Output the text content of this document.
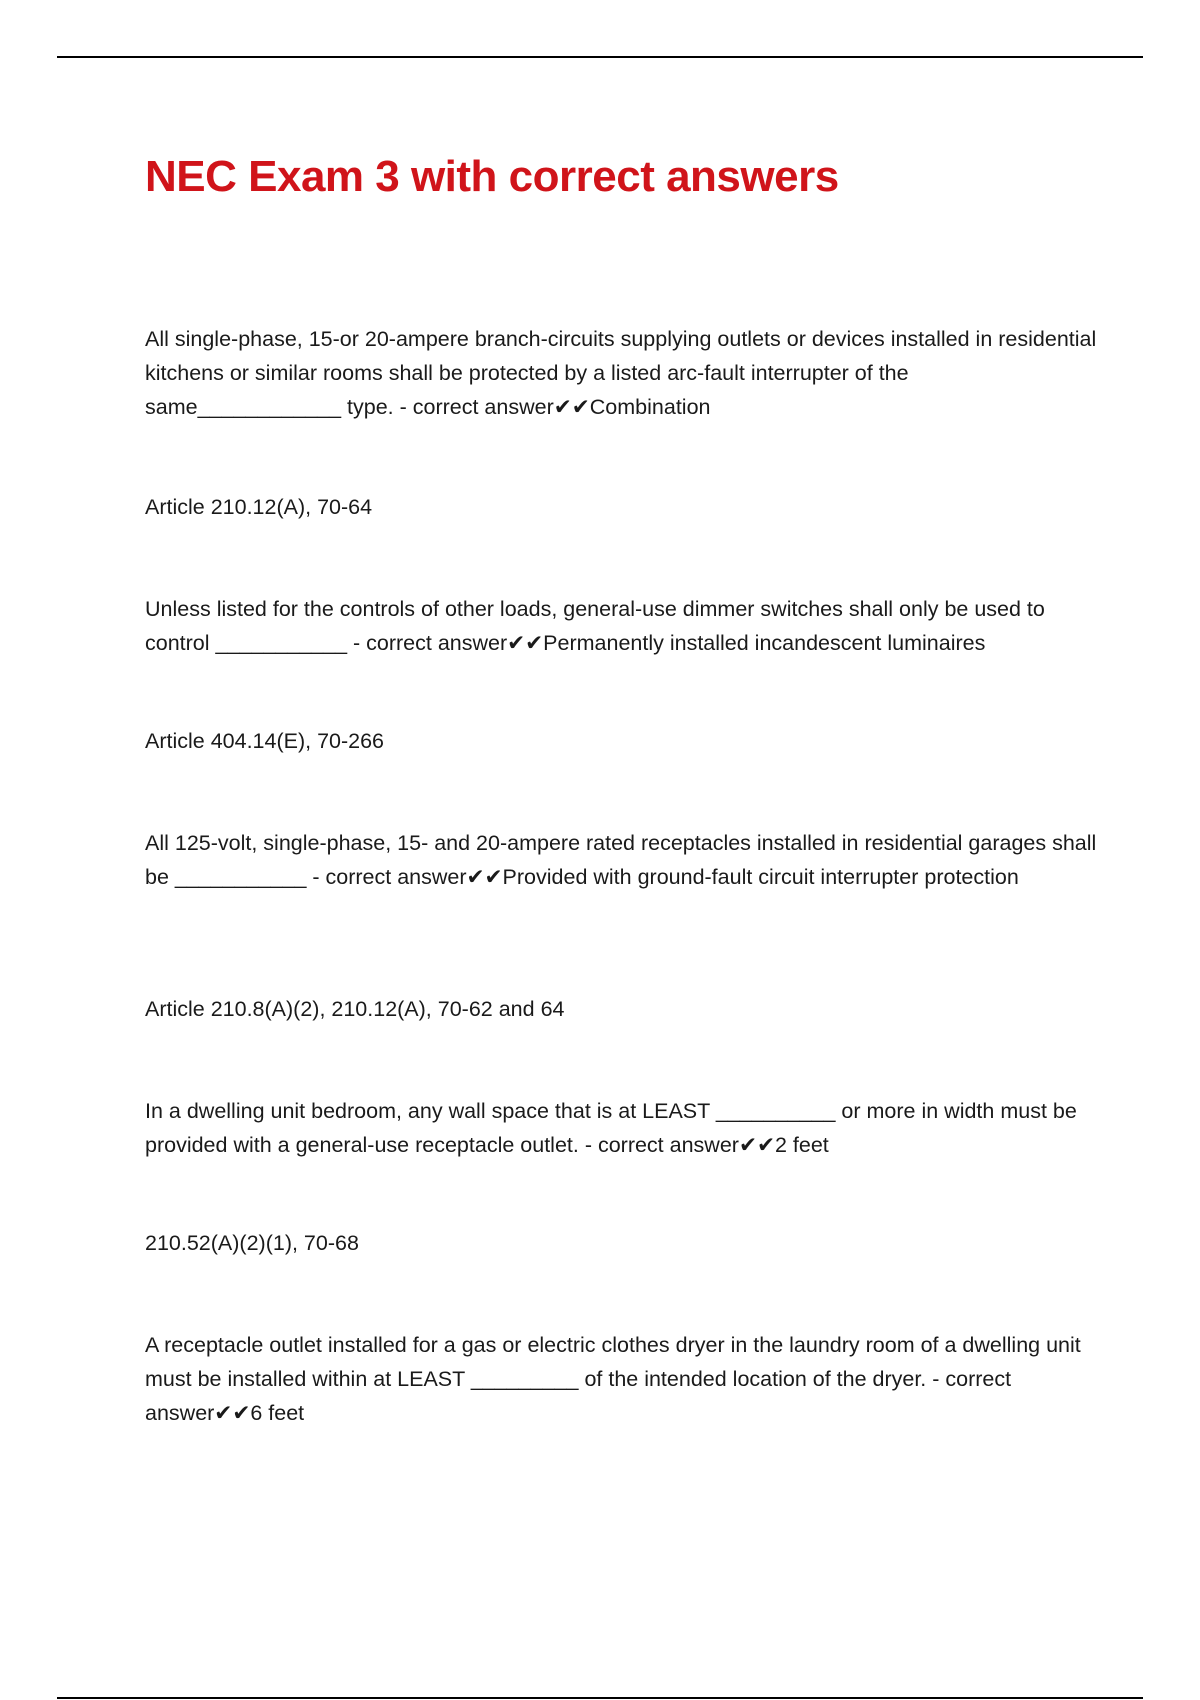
NEC Exam 3 with correct answers

All single-phase, 15-or 20-ampere branch-circuits supplying outlets or devices installed in residential kitchens or similar rooms shall be protected by a listed arc-fault interrupter of the same____________ type. - correct answer✔✔Combination

Article 210.12(A), 70-64

Unless listed for the controls of other loads, general-use dimmer switches shall only be used to control ___________ - correct answer✔✔Permanently installed incandescent luminaires

Article 404.14(E), 70-266

All 125-volt, single-phase, 15- and 20-ampere rated receptacles installed in residential garages shall be ___________ - correct answer✔✔Provided with ground-fault circuit interrupter protection

Article 210.8(A)(2), 210.12(A), 70-62 and 64

In a dwelling unit bedroom, any wall space that is at LEAST __________ or more in width must be provided with a general-use receptacle outlet. - correct answer✔✔2 feet

210.52(A)(2)(1), 70-68

A receptacle outlet installed for a gas or electric clothes dryer in the laundry room of a dwelling unit must be installed within at LEAST _________ of the intended location of the dryer. - correct answer✔✔6 feet
